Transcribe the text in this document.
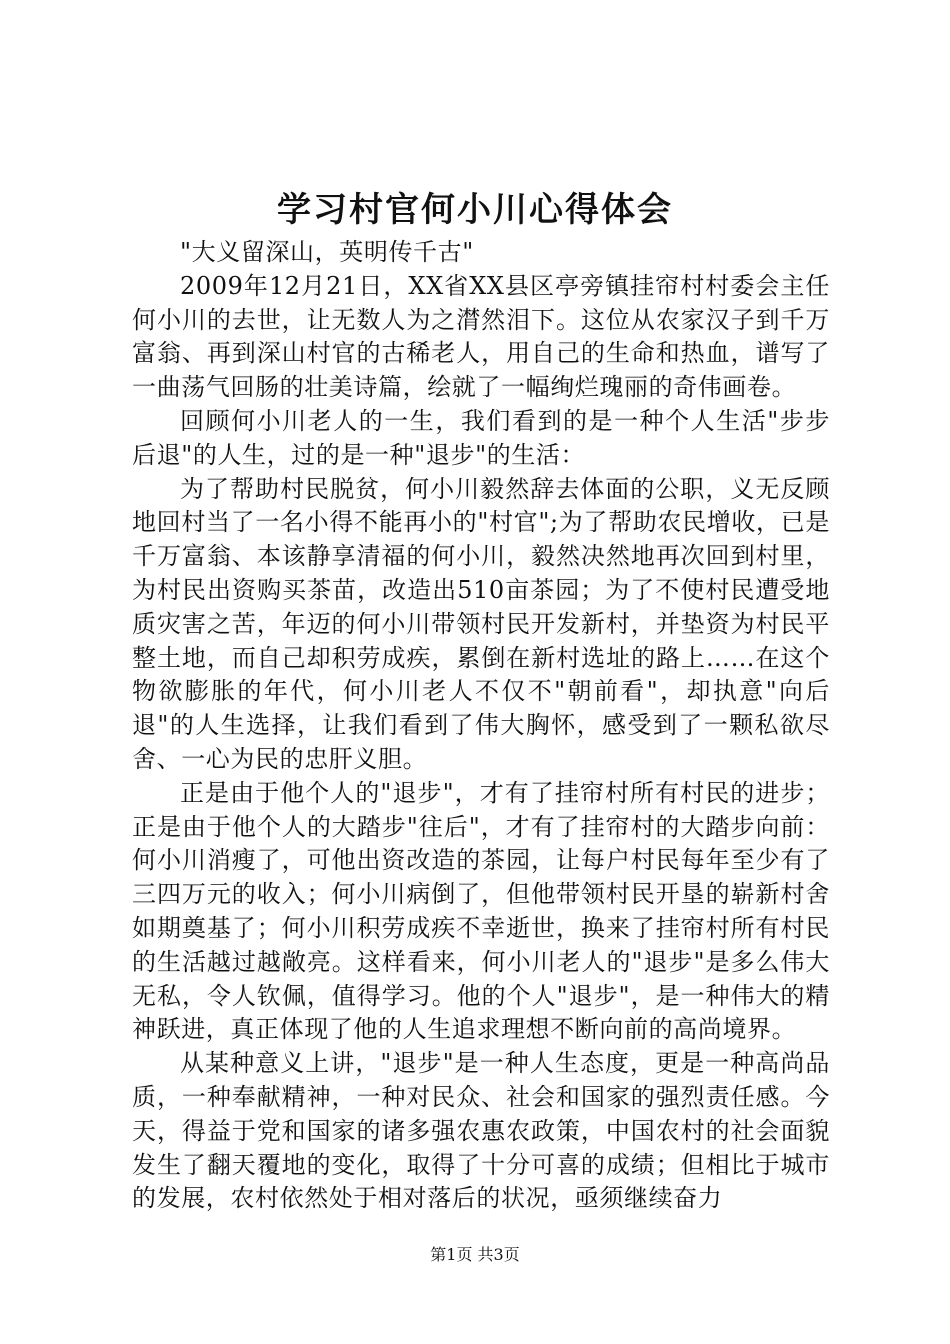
学习村官何小川心得体会

"大义留深山，英明传千古"

2009年12月21日，XX省XX县区亭旁镇挂帘村村委会主任何小川的去世，让无数人为之潸然泪下。这位从农家汉子到千万富翁、再到深山村官的古稀老人，用自己的生命和热血，谱写了一曲荡气回肠的壮美诗篇，绘就了一幅绚烂瑰丽的奇伟画卷。

回顾何小川老人的一生，我们看到的是一种个人生活"步步后退"的人生，过的是一种"退步"的生活：

为了帮助村民脱贫，何小川毅然辞去体面的公职，义无反顾地回村当了一名小得不能再小的"村官";为了帮助农民增收，已是千万富翁、本该静享清福的何小川，毅然决然地再次回到村里，为村民出资购买茶苗，改造出510亩茶园；为了不使村民遭受地质灾害之苦，年迈的何小川带领村民开发新村，并垫资为村民平整土地，而自己却积劳成疾，累倒在新村选址的路上……在这个物欲膨胀的年代，何小川老人不仅不"朝前看"，却执意"向后退"的人生选择，让我们看到了伟大胸怀，感受到了一颗私欲尽舍、一心为民的忠肝义胆。

正是由于他个人的"退步"，才有了挂帘村所有村民的进步；正是由于他个人的大踏步"往后"，才有了挂帘村的大踏步向前：何小川消瘦了，可他出资改造的茶园，让每户村民每年至少有了三四万元的收入；何小川病倒了，但他带领村民开垦的崭新村舍如期奠基了；何小川积劳成疾不幸逝世，换来了挂帘村所有村民的生活越过越敞亮。这样看来，何小川老人的"退步"是多么伟大无私，令人钦佩，值得学习。他的个人"退步"，是一种伟大的精神跃进，真正体现了他的人生追求理想不断向前的高尚境界。

从某种意义上讲，"退步"是一种人生态度，更是一种高尚品质，一种奉献精神，一种对民众、社会和国家的强烈责任感。今天，得益于党和国家的诸多强农惠农政策，中国农村的社会面貌发生了翻天覆地的变化，取得了十分可喜的成绩；但相比于城市的发展，农村依然处于相对落后的状况，亟须继续奋力

第1页 共3页
